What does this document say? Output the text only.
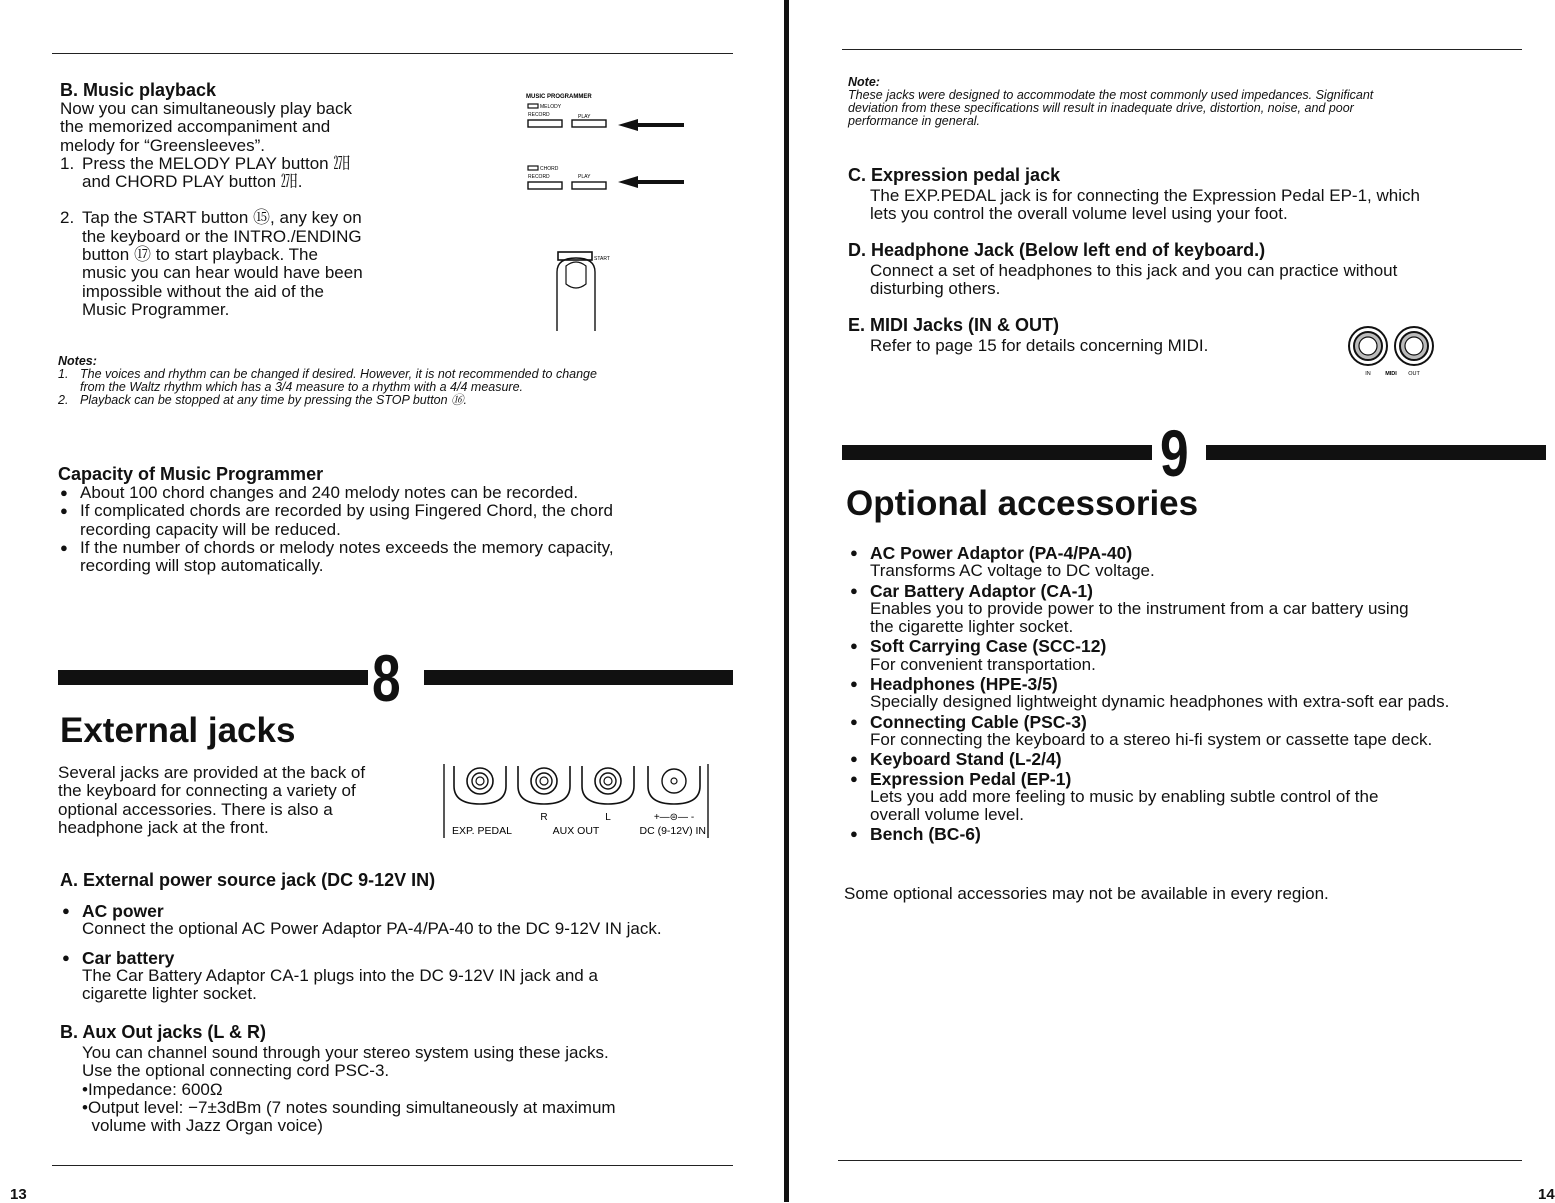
B. Music playback

Now you can simultaneously play back

the memorized accompaniment and

melody for “Greensleeves”.

1. Press the MELODY PLAY button ㏺

and CHORD PLAY button ㏺.

2. Tap the START button ⑮, any key on

the keyboard or the INTRO./ENDING

button ⑰ to start playback. The

music you can hear would have been

impossible without the aid of the

Music Programmer.

MUSIC PROGRAMMER
MELODY
RECORD	PLAY
CHORD
RECORD	PLAY
START
Notes:
1. The voices and rhythm can be changed if desired. However, it is not recommended to change
from the Waltz rhythm which has a 3/4 measure to a rhythm with a 4/4 measure.
2. Playback can be stopped at any time by pressing the STOP button ⑯.
Capacity of Music Programmer

● About 100 chord changes and 240 melody notes can be recorded.

● If complicated chords are recorded by using Fingered Chord, the chord

recording capacity will be reduced.

● If the number of chords or melody notes exceeds the memory capacity,

recording will stop automatically.

8
External jacks

Several jacks are provided at the back of

the keyboard for connecting a variety of

optional accessories. There is also a

headphone jack at the front.

R	L	+—⊜— -
EXP. PEDAL	AUX OUT	DC (9-12V) IN
A. External power source jack (DC 9-12V IN)

● AC power

Connect the optional AC Power Adaptor PA-4/PA-40 to the DC 9-12V IN jack.

● Car battery

The Car Battery Adaptor CA-1 plugs into the DC 9-12V IN jack and a

cigarette lighter socket.

B. Aux Out jacks (L & R)

You can channel sound through your stereo system using these jacks.

Use the optional connecting cord PSC-3.

•Impedance: 600Ω

•Output level: −7±3dBm (7 notes sounding simultaneously at maximum

volume with Jazz Organ voice)

13
Note:
These jacks were designed to accommodate the most commonly used impedances. Significant
deviation from these specifications will result in inadequate drive, distortion, noise, and poor
performance in general.
C. Expression pedal jack

The EXP.PEDAL jack is for connecting the Expression Pedal EP-1, which

lets you control the overall volume level using your foot.

D. Headphone Jack (Below left end of keyboard.)

Connect a set of headphones to this jack and you can practice without

disturbing others.

E. MIDI Jacks (IN & OUT)

Refer to page 15 for details concerning MIDI.

IN	MIDI OUT
9
Optional accessories

● AC Power Adaptor (PA-4/PA-40)

Transforms AC voltage to DC voltage.

● Car Battery Adaptor (CA-1)

Enables you to provide power to the instrument from a car battery using

the cigarette lighter socket.

● Soft Carrying Case (SCC-12)

For convenient transportation.

● Headphones (HPE-3/5)

Specially designed lightweight dynamic headphones with extra-soft ear pads.

● Connecting Cable (PSC-3)

For connecting the keyboard to a stereo hi-fi system or cassette tape deck.

● Keyboard Stand (L-2/4)

● Expression Pedal (EP-1)

Lets you add more feeling to music by enabling subtle control of the

overall volume level.

● Bench (BC-6)

Some optional accessories may not be available in every region.
14
